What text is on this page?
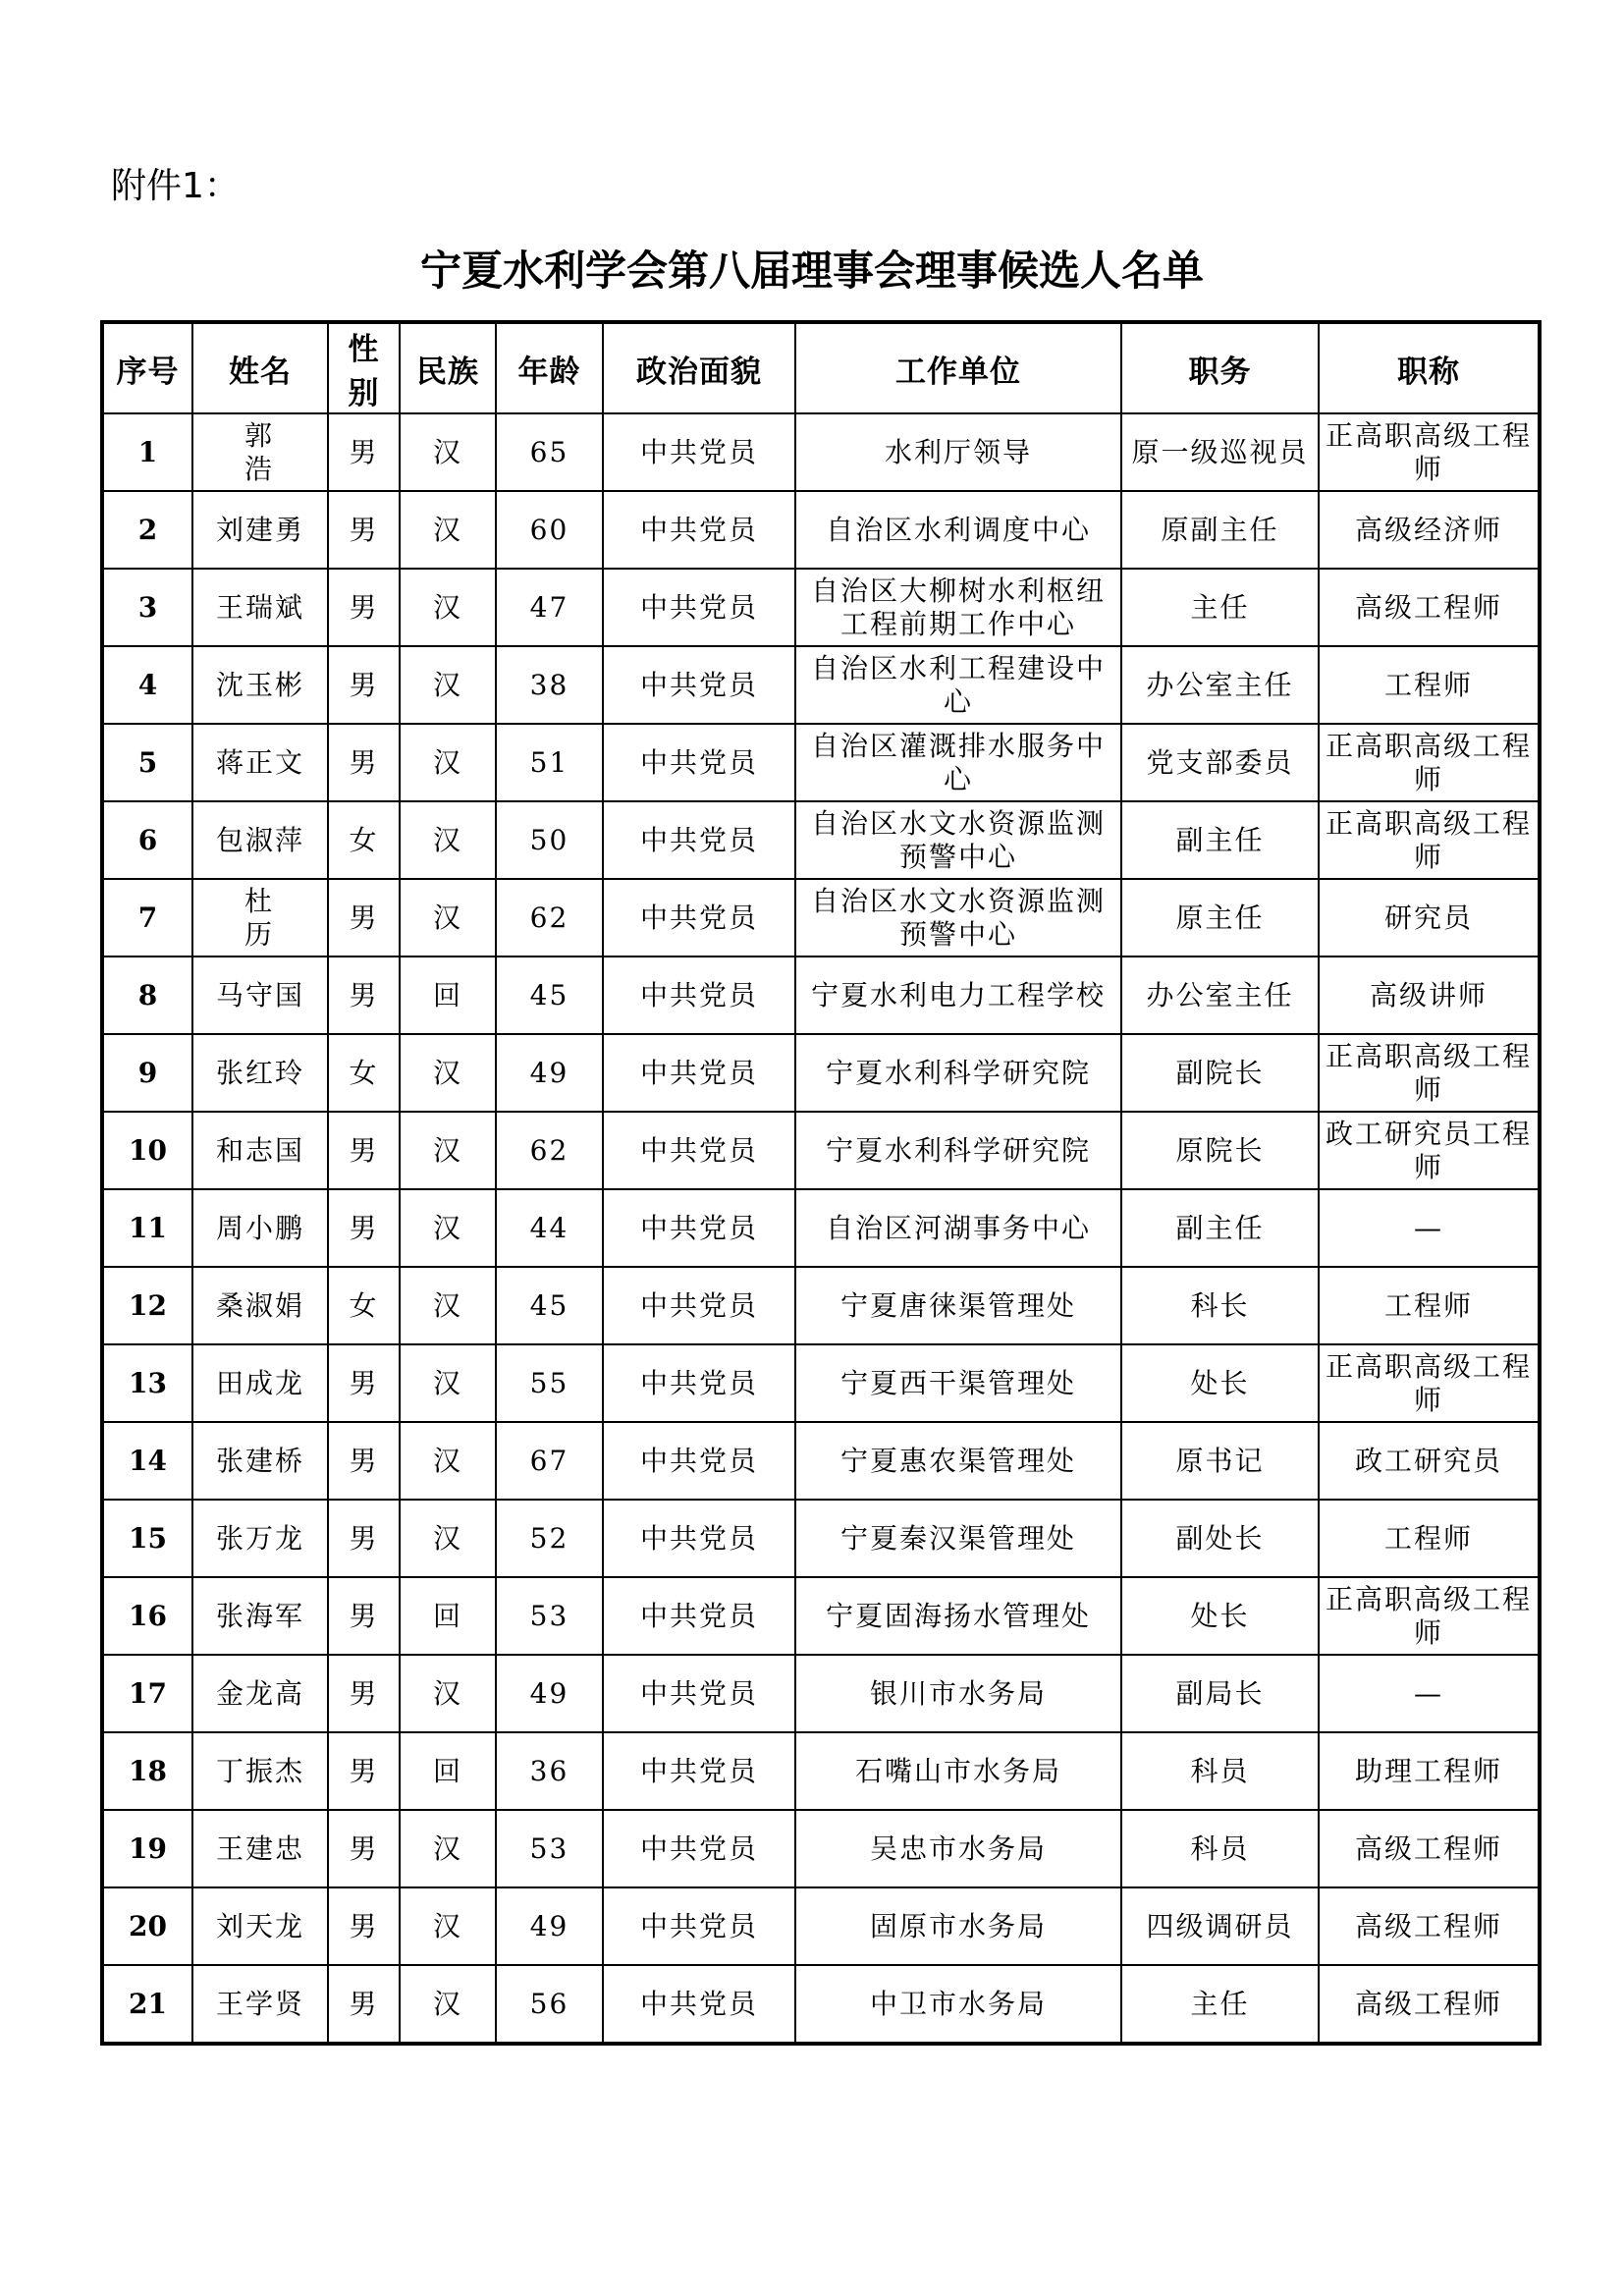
附件1：
宁夏水利学会第八届理事会理事候选人名单
序号	姓名	性别	民族	年龄	政治面貌	工作单位	职务	职称
1	郭浩	男	汉	65	中共党员	水利厅领导	原一级巡视员	正高职高级工程师
2	刘建勇	男	汉	60	中共党员	自治区水利调度中心	原副主任	高级经济师
3	王瑞斌	男	汉	47	中共党员	自治区大柳树水利枢纽工程前期工作中心	主任	高级工程师
4	沈玉彬	男	汉	38	中共党员	自治区水利工程建设中心	办公室主任	工程师
5	蒋正文	男	汉	51	中共党员	自治区灌溉排水服务中心	党支部委员	正高职高级工程师
6	包淑萍	女	汉	50	中共党员	自治区水文水资源监测预警中心	副主任	正高职高级工程师
7	杜历	男	汉	62	中共党员	自治区水文水资源监测预警中心	原主任	研究员
8	马守国	男	回	45	中共党员	宁夏水利电力工程学校	办公室主任	高级讲师
9	张红玲	女	汉	49	中共党员	宁夏水利科学研究院	副院长	正高职高级工程师
10	和志国	男	汉	62	中共党员	宁夏水利科学研究院	原院长	政工研究员工程师
11	周小鹏	男	汉	44	中共党员	自治区河湖事务中心	副主任	—
12	桑淑娟	女	汉	45	中共党员	宁夏唐徕渠管理处	科长	工程师
13	田成龙	男	汉	55	中共党员	宁夏西干渠管理处	处长	正高职高级工程师
14	张建桥	男	汉	67	中共党员	宁夏惠农渠管理处	原书记	政工研究员
15	张万龙	男	汉	52	中共党员	宁夏秦汉渠管理处	副处长	工程师
16	张海军	男	回	53	中共党员	宁夏固海扬水管理处	处长	正高职高级工程师
17	金龙高	男	汉	49	中共党员	银川市水务局	副局长	—
18	丁振杰	男	回	36	中共党员	石嘴山市水务局	科员	助理工程师
19	王建忠	男	汉	53	中共党员	吴忠市水务局	科员	高级工程师
20	刘天龙	男	汉	49	中共党员	固原市水务局	四级调研员	高级工程师
21	王学贤	男	汉	56	中共党员	中卫市水务局	主任	高级工程师
